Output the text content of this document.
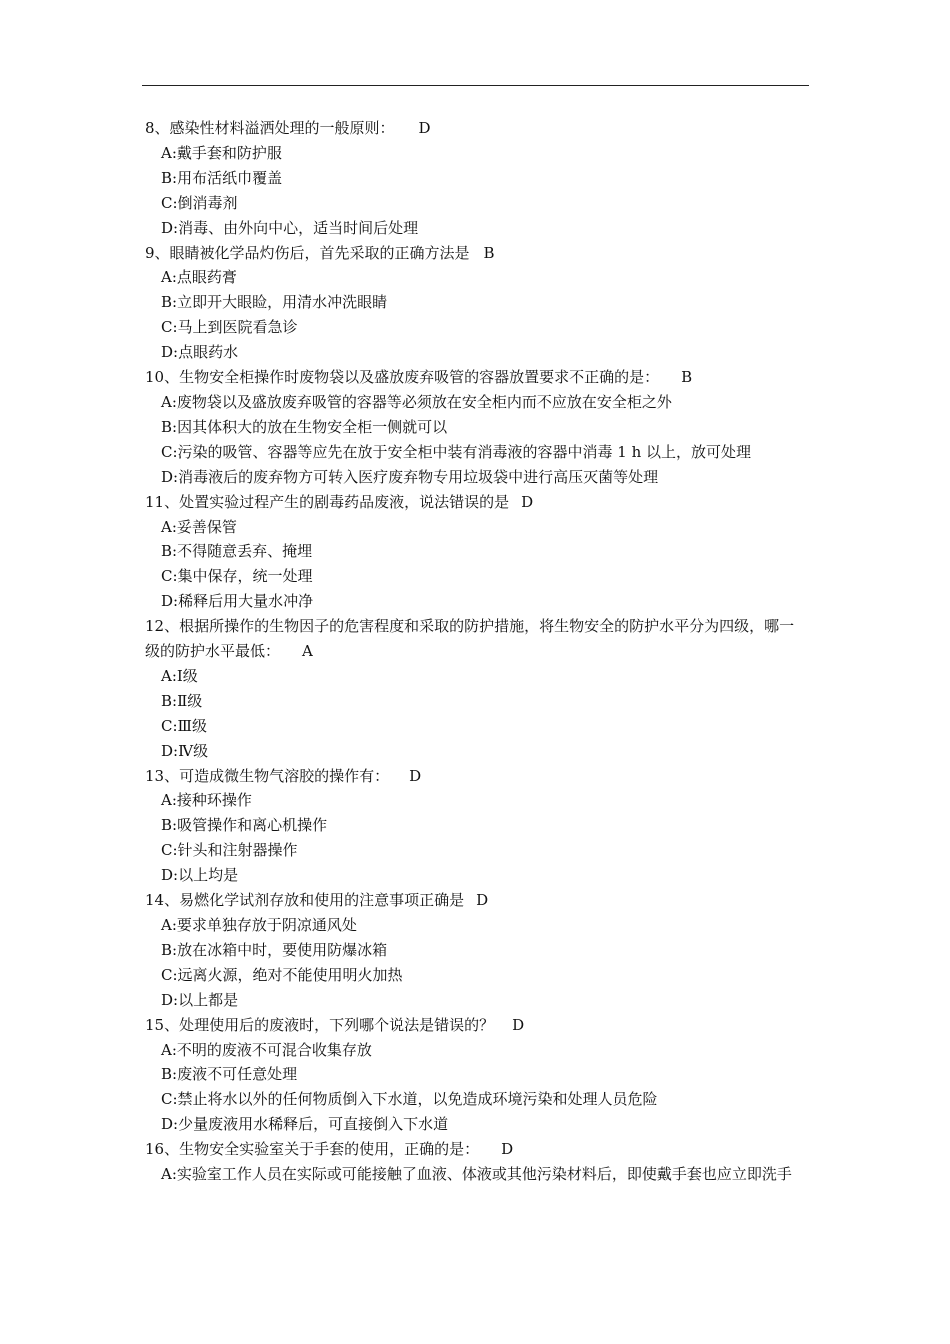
8、感染性材料溢洒处理的一般原则： D
A:戴手套和防护服
B:用布活纸巾覆盖
C:倒消毒剂
D:消毒、由外向中心，适当时间后处理
9、眼睛被化学品灼伤后，首先采取的正确方法是 B
A:点眼药膏
B:立即开大眼睑，用清水冲洗眼睛
C:马上到医院看急诊
D:点眼药水
10、生物安全柜操作时废物袋以及盛放废弃吸管的容器放置要求不正确的是： B
A:废物袋以及盛放废弃吸管的容器等必须放在安全柜内而不应放在安全柜之外
B:因其体积大的放在生物安全柜一侧就可以
C:污染的吸管、容器等应先在放于安全柜中装有消毒液的容器中消毒 1 h 以上，放可处理
D:消毒液后的废弃物方可转入医疗废弃物专用垃圾袋中进行高压灭菌等处理
11、处置实验过程产生的剧毒药品废液，说法错误的是 D
A:妥善保管
B:不得随意丢弃、掩埋
C:集中保存，统一处理
D:稀释后用大量水冲净
12、根据所操作的生物因子的危害程度和采取的防护措施，将生物安全的防护水平分为四级，哪一级的防护水平最低： A
A:Ⅰ级
B:Ⅱ级
C:Ⅲ级
D:Ⅳ级
13、可造成微生物气溶胶的操作有： D
A:接种环操作
B:吸管操作和离心机操作
C:针头和注射器操作
D:以上均是
14、易燃化学试剂存放和使用的注意事项正确是 D
A:要求单独存放于阴凉通风处
B:放在冰箱中时，要使用防爆冰箱
C:远离火源，绝对不能使用明火加热
D:以上都是
15、处理使用后的废液时，下列哪个说法是错误的？ D
A:不明的废液不可混合收集存放
B:废液不可任意处理
C:禁止将水以外的任何物质倒入下水道，以免造成环境污染和处理人员危险
D:少量废液用水稀释后，可直接倒入下水道
16、生物安全实验室关于手套的使用，正确的是： D
A:实验室工作人员在实际或可能接触了血液、体液或其他污染材料后，即使戴手套也应立即洗手
